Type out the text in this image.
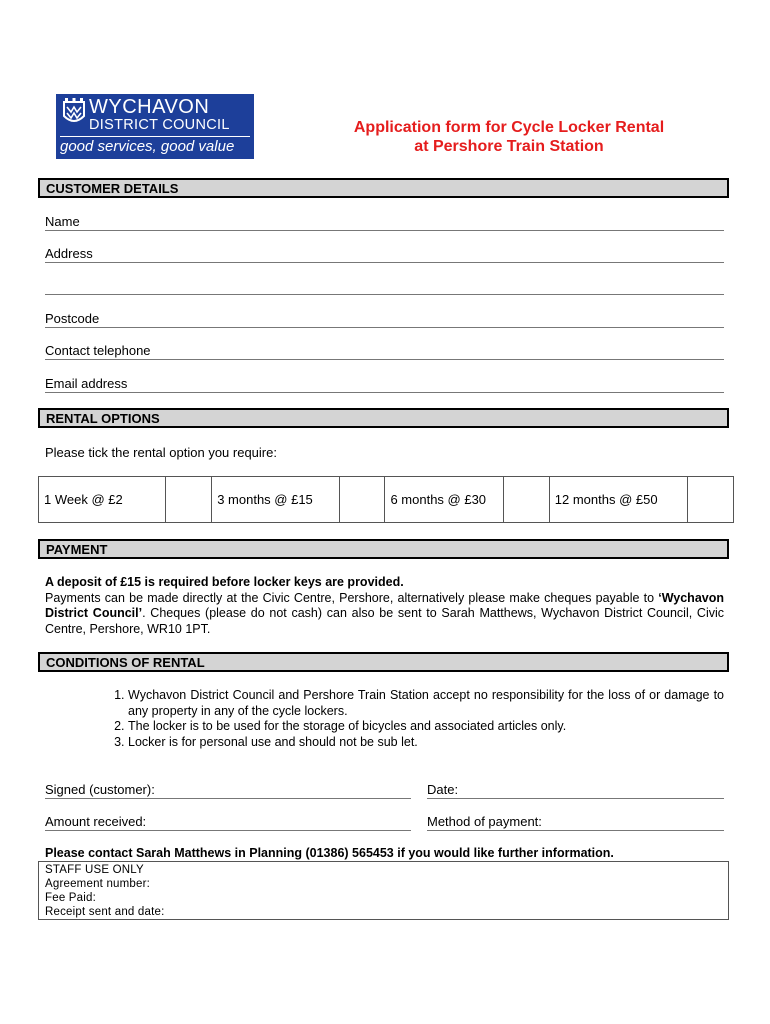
WYCHAVON
DISTRICT COUNCIL
good services, good value
Application form for Cycle Locker Rental
at Pershore Train Station
CUSTOMER DETAILS
Name
Address
Postcode
Contact telephone
Email address
RENTAL OPTIONS
Please tick the rental option you require:
1 Week @ £2		3 months @ £15		6 months @ £30		12 months @ £50	
PAYMENT
A deposit of £15 is required before locker keys are provided.
Payments can be made directly at the Civic Centre, Pershore, alternatively please make cheques payable to ‘Wychavon District Council’. Cheques (please do not cash) can also be sent to Sarah Matthews, Wychavon District Council, Civic Centre, Pershore, WR10 1PT.
CONDITIONS OF RENTAL
1. Wychavon District Council and Pershore Train Station accept no responsibility for the loss of or damage to any property in any of the cycle lockers.
2. The locker is to be used for the storage of bicycles and associated articles only.
3. Locker is for personal use and should not be sub let.
Signed (customer):	Date:
Amount received:	Method of payment:
Please contact Sarah Matthews in Planning (01386) 565453 if you would like further information.
STAFF USE ONLY
Agreement number:
Fee Paid:
Receipt sent and date:
